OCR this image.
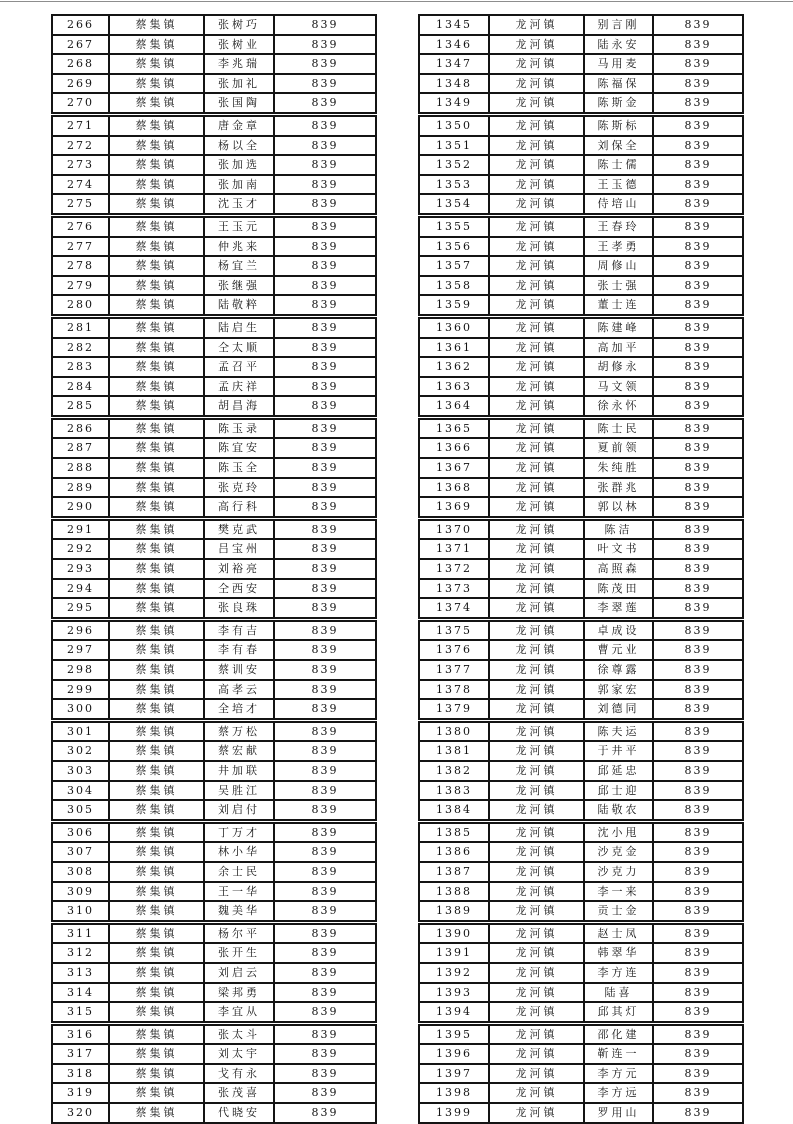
266	蔡集镇	张树巧	839
267	蔡集镇	张树业	839
268	蔡集镇	李兆瑞	839
269	蔡集镇	张加礼	839
270	蔡集镇	张国陶	839
271	蔡集镇	唐金章	839
272	蔡集镇	杨以全	839
273	蔡集镇	张加选	839
274	蔡集镇	张加南	839
275	蔡集镇	沈玉才	839
276	蔡集镇	王玉元	839
277	蔡集镇	仲兆来	839
278	蔡集镇	杨宜兰	839
279	蔡集镇	张继强	839
280	蔡集镇	陆敬粹	839
281	蔡集镇	陆启生	839
282	蔡集镇	仝太顺	839
283	蔡集镇	孟召平	839
284	蔡集镇	孟庆祥	839
285	蔡集镇	胡昌海	839
286	蔡集镇	陈玉录	839
287	蔡集镇	陈宜安	839
288	蔡集镇	陈玉全	839
289	蔡集镇	张克玲	839
290	蔡集镇	高行科	839
291	蔡集镇	樊克武	839
292	蔡集镇	吕宝州	839
293	蔡集镇	刘裕亮	839
294	蔡集镇	仝西安	839
295	蔡集镇	张良珠	839
296	蔡集镇	李有吉	839
297	蔡集镇	李有春	839
298	蔡集镇	蔡训安	839
299	蔡集镇	高孝云	839
300	蔡集镇	全培才	839
301	蔡集镇	蔡万松	839
302	蔡集镇	蔡宏献	839
303	蔡集镇	井加联	839
304	蔡集镇	吴胜江	839
305	蔡集镇	刘启付	839
306	蔡集镇	丁万才	839
307	蔡集镇	林小华	839
308	蔡集镇	余士民	839
309	蔡集镇	王一华	839
310	蔡集镇	魏美华	839
311	蔡集镇	杨尔平	839
312	蔡集镇	张开生	839
313	蔡集镇	刘启云	839
314	蔡集镇	梁邦勇	839
315	蔡集镇	李宜从	839
316	蔡集镇	张太斗	839
317	蔡集镇	刘太宇	839
318	蔡集镇	戈有永	839
319	蔡集镇	张茂喜	839
320	蔡集镇	代晓安	839
1345	龙河镇	别言刚	839
1346	龙河镇	陆永安	839
1347	龙河镇	马用麦	839
1348	龙河镇	陈福保	839
1349	龙河镇	陈斯金	839
1350	龙河镇	陈斯标	839
1351	龙河镇	刘保全	839
1352	龙河镇	陈士儒	839
1353	龙河镇	王玉德	839
1354	龙河镇	侍培山	839
1355	龙河镇	王春玲	839
1356	龙河镇	王孝勇	839
1357	龙河镇	周修山	839
1358	龙河镇	张士强	839
1359	龙河镇	董士连	839
1360	龙河镇	陈建峰	839
1361	龙河镇	高加平	839
1362	龙河镇	胡修永	839
1363	龙河镇	马文领	839
1364	龙河镇	徐永怀	839
1365	龙河镇	陈士民	839
1366	龙河镇	夏前领	839
1367	龙河镇	朱纯胜	839
1368	龙河镇	张群兆	839
1369	龙河镇	郭以林	839
1370	龙河镇	陈洁	839
1371	龙河镇	叶文书	839
1372	龙河镇	高照森	839
1373	龙河镇	陈茂田	839
1374	龙河镇	李翠莲	839
1375	龙河镇	卓成设	839
1376	龙河镇	曹元业	839
1377	龙河镇	徐尊露	839
1378	龙河镇	郭家宏	839
1379	龙河镇	刘德同	839
1380	龙河镇	陈夫运	839
1381	龙河镇	于井平	839
1382	龙河镇	邱延忠	839
1383	龙河镇	邱士迎	839
1384	龙河镇	陆敬农	839
1385	龙河镇	沈小甩	839
1386	龙河镇	沙克金	839
1387	龙河镇	沙克力	839
1388	龙河镇	李一来	839
1389	龙河镇	贡士金	839
1390	龙河镇	赵士凤	839
1391	龙河镇	韩翠华	839
1392	龙河镇	李方连	839
1393	龙河镇	陆喜	839
1394	龙河镇	邱其灯	839
1395	龙河镇	邵化建	839
1396	龙河镇	靳连一	839
1397	龙河镇	李方元	839
1398	龙河镇	李方远	839
1399	龙河镇	罗用山	839
